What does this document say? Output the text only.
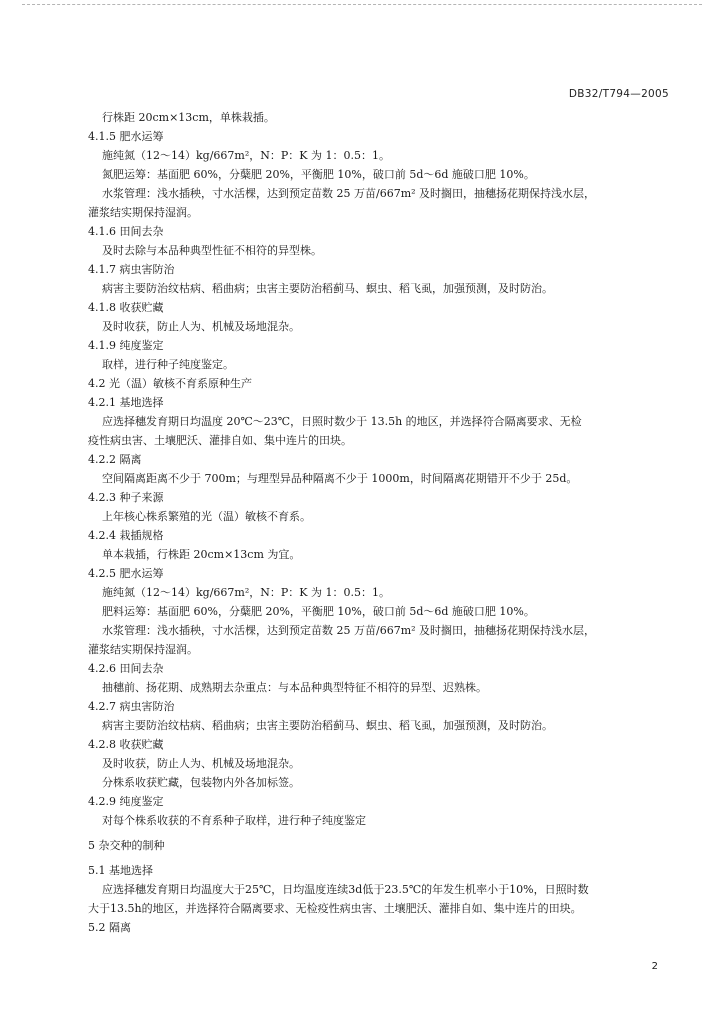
DB32/T794—2005
行株距 20cm×13cm，单株栽插。
4.1.5 肥水运筹
施纯氮（12～14）kg/667m²，N：P：K 为 1：0.5：1。
氮肥运筹：基面肥 60%，分蘖肥 20%，平衡肥 10%，破口前 5d～6d 施破口肥 10%。
水浆管理：浅水插秧，寸水活棵，达到预定苗数 25 万苗/667m² 及时搁田，抽穗扬花期保持浅水层，
灌浆结实期保持湿润。
4.1.6 田间去杂
及时去除与本品种典型性征不相符的异型株。
4.1.7 病虫害防治
病害主要防治纹枯病、稻曲病；虫害主要防治稻蓟马、螟虫、稻飞虱，加强预测，及时防治。
4.1.8 收获贮藏
及时收获，防止人为、机械及场地混杂。
4.1.9 纯度鉴定
取样，进行种子纯度鉴定。
4.2 光（温）敏核不育系原种生产
4.2.1 基地选择
应选择穗发育期日均温度 20℃～23℃，日照时数少于 13.5h 的地区，并选择符合隔离要求、无检
疫性病虫害、土壤肥沃、灌排自如、集中连片的田块。
4.2.2 隔离
空间隔离距离不少于 700m；与理型异品种隔离不少于 1000m，时间隔离花期错开不少于 25d。
4.2.3 种子来源
上年核心株系繁殖的光（温）敏核不育系。
4.2.4 栽插规格
单本栽插，行株距 20cm×13cm 为宜。
4.2.5 肥水运筹
施纯氮（12～14）kg/667m²，N：P：K 为 1：0.5：1。
肥料运筹：基面肥 60%，分蘖肥 20%，平衡肥 10%，破口前 5d～6d 施破口肥 10%。
水浆管理：浅水插秧，寸水活棵，达到预定苗数 25 万苗/667m² 及时搁田，抽穗扬花期保持浅水层，
灌浆结实期保持湿润。
4.2.6 田间去杂
抽穗前、扬花期、成熟期去杂重点：与本品种典型特征不相符的异型、迟熟株。
4.2.7 病虫害防治
病害主要防治纹枯病、稻曲病；虫害主要防治稻蓟马、螟虫、稻飞虱，加强预测，及时防治。
4.2.8 收获贮藏
及时收获，防止人为、机械及场地混杂。
分株系收获贮藏，包装物内外各加标签。
4.2.9 纯度鉴定
对每个株系收获的不育系种子取样，进行种子纯度鉴定
5 杂交种的制种
5.1 基地选择
应选择穗发育期日均温度大于25℃，日均温度连续3d低于23.5℃的年发生机率小于10%，日照时数
大于13.5h的地区，并选择符合隔离要求、无检疫性病虫害、土壤肥沃、灌排自如、集中连片的田块。
5.2 隔离
2
